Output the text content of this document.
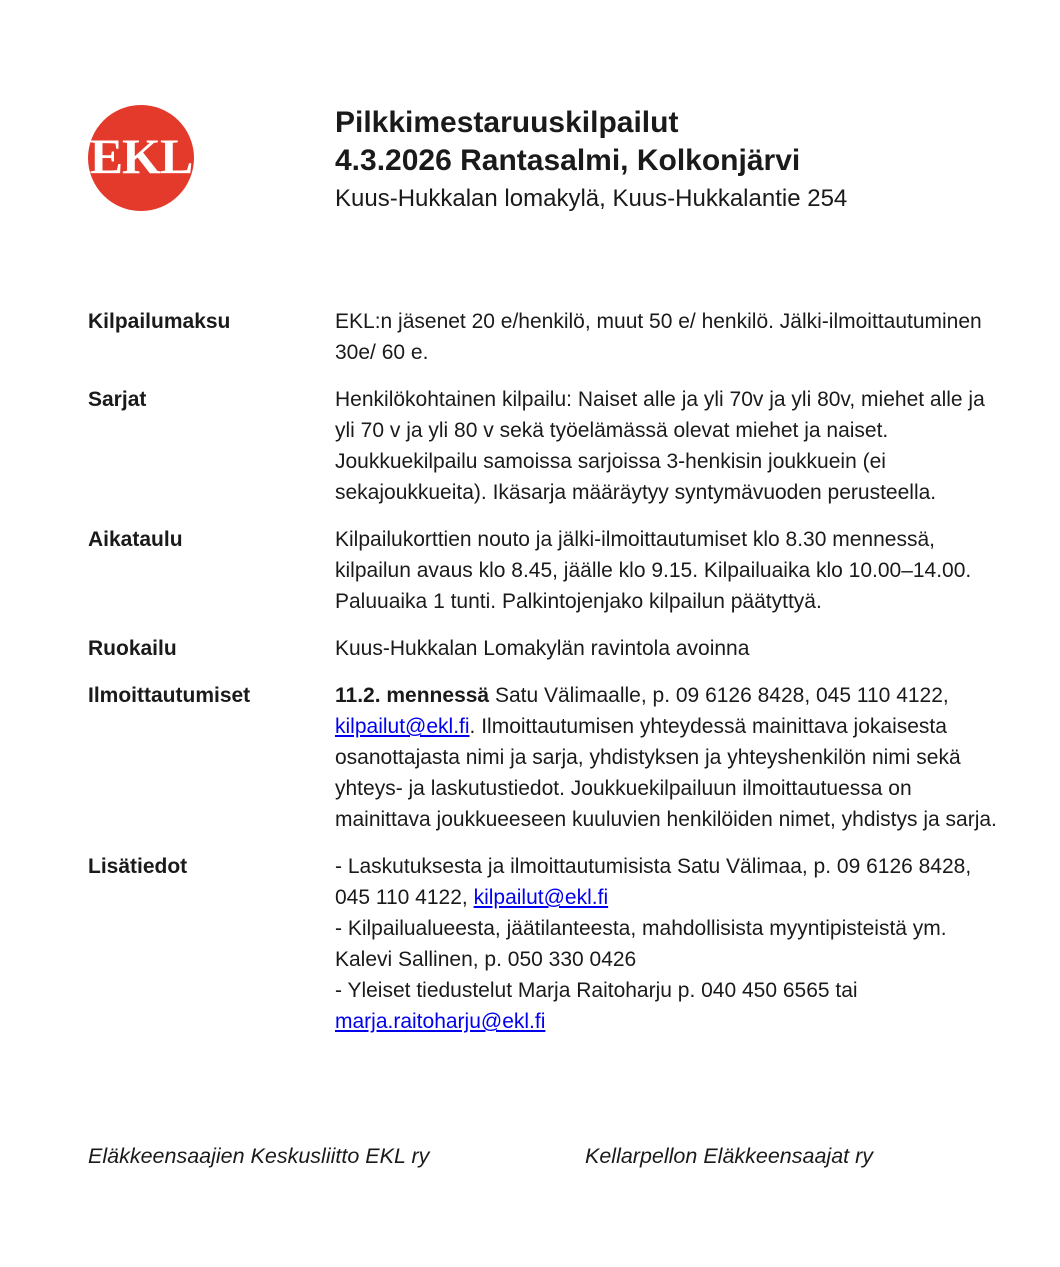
EKL
Pilkkimestaruuskilpailut
4.3.2026 Rantasalmi, Kolkonjärvi
Kuus-Hukkalan lomakylä, Kuus-Hukkalantie 254
Kilpailumaksu	EKL:n jäsenet 20 e/henkilö, muut 50 e/ henkilö. Jälki-ilmoittautuminen 30e/ 60 e.

Sarjat	Henkilökohtainen kilpailu: Naiset alle ja yli 70v ja yli 80v, miehet alle ja yli 70 v ja yli 80 v sekä työelämässä olevat miehet ja naiset. Joukkuekilpailu samoissa sarjoissa 3-henkisin joukkuein (ei sekajoukkueita). Ikäsarja määräytyy syntymävuoden perusteella.

Aikataulu	Kilpailukorttien nouto ja jälki-ilmoittautumiset klo 8.30 mennessä, kilpailun avaus klo 8.45, jäälle klo 9.15. Kilpailuaika klo 10.00–14.00. Paluuaika 1 tunti. Palkintojenjako kilpailun päätyttyä.

Ruokailu	Kuus-Hukkalan Lomakylän ravintola avoinna

Ilmoittautumiset	11.2. mennessä Satu Välimaalle, p. 09 6126 8428, 045 110 4122, kilpailut@ekl.fi. Ilmoittautumisen yhteydessä mainittava jokaisesta osanottajasta nimi ja sarja, yhdistyksen ja yhteyshenkilön nimi sekä yhteys- ja laskutustiedot. Joukkuekilpailuun ilmoittautuessa on mainittava joukkueeseen kuuluvien henkilöiden nimet, yhdistys ja sarja.

Lisätiedot	- Laskutuksesta ja ilmoittautumisista Satu Välimaa, p. 09 6126 8428, 045 110 4122, kilpailut@ekl.fi

- Kilpailualueesta, jäätilanteesta, mahdollisista myyntipisteistä ym. Kalevi Sallinen, p. 050 330 0426

- Yleiset tiedustelut Marja Raitoharju p. 040 450 6565 tai marja.raitoharju@ekl.fi

Eläkkeensaajien Keskusliitto EKL ry	Kellarpellon Eläkkeensaajat ry
